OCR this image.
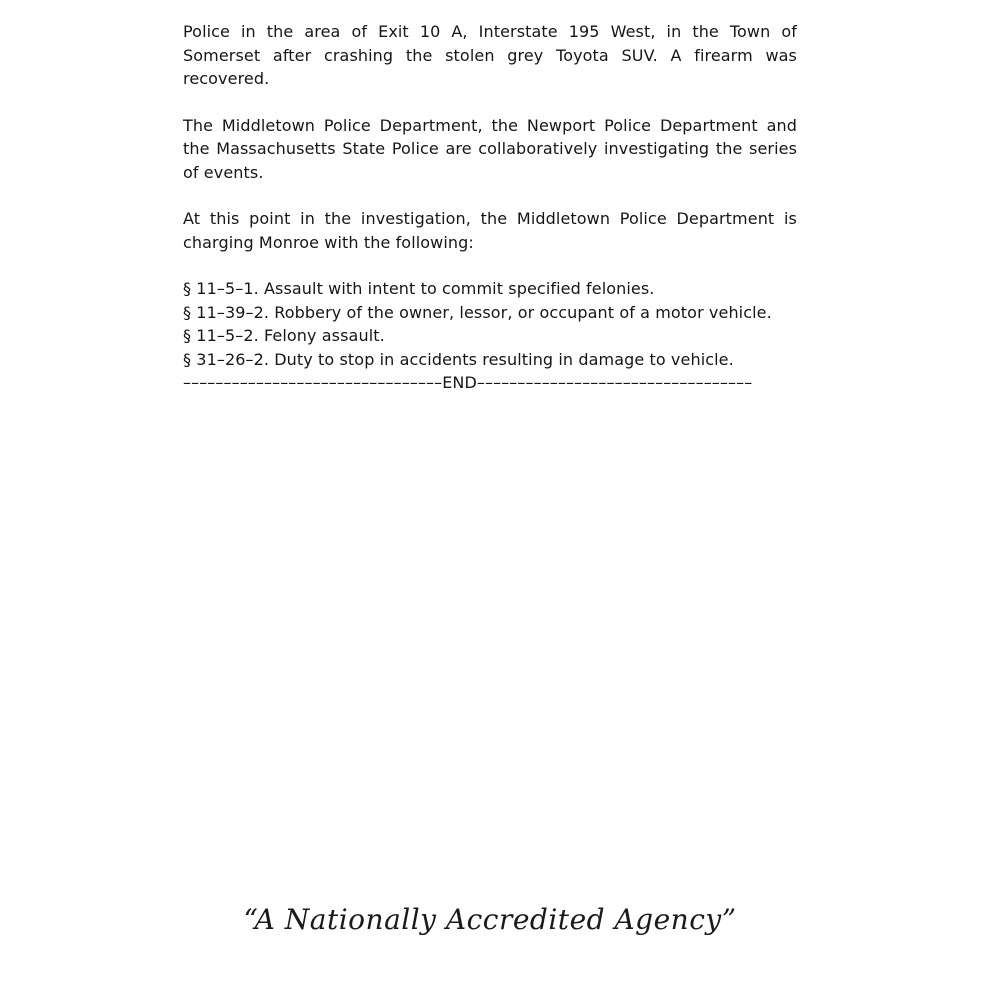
Police in the area of Exit 10 A, Interstate 195 West, in the Town of Somerset after crashing the stolen grey Toyota SUV. A firearm was recovered.

The Middletown Police Department, the Newport Police Department and the Massachusetts State Police are collaboratively investigating the series of events.

At this point in the investigation, the Middletown Police Department is charging Monroe with the following:

§ 11–5–1. Assault with intent to commit specified felonies.
§ 11–39–2. Robbery of the owner, lessor, or occupant of a motor vehicle.
§ 11–5–2. Felony assault.
§ 31–26–2. Duty to stop in accidents resulting in damage to vehicle.
––––––––––––––––––––––––––––––––END––––––––––––––––––––––––––––––––––
“A Nationally Accredited Agency”
